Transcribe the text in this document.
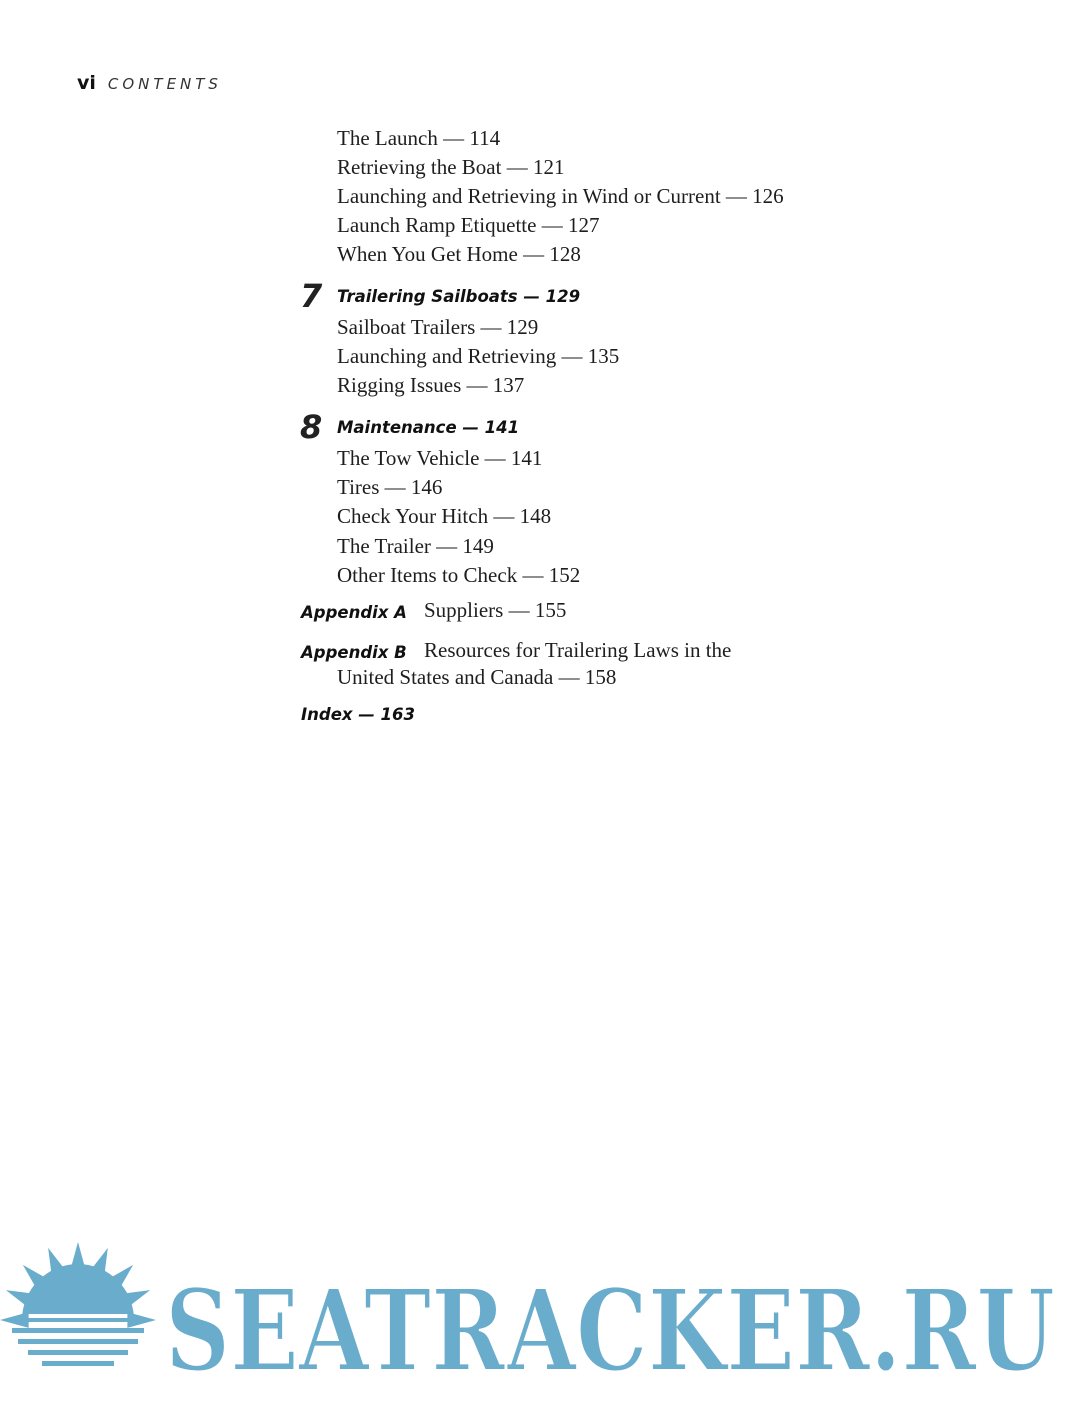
vi CONTENTS
The Launch — 114
Retrieving the Boat — 121
Launching and Retrieving in Wind or Current — 126
Launch Ramp Etiquette — 127
When You Get Home — 128
7 Trailering Sailboats — 129
Sailboat Trailers — 129
Launching and Retrieving — 135
Rigging Issues — 137
8 Maintenance — 141
The Tow Vehicle — 141
Tires — 146
Check Your Hitch — 148
The Trailer — 149
Other Items to Check — 152
Appendix A Suppliers — 155
Appendix B Resources for Trailering Laws in the
United States and Canada — 158
Index — 163
SEATRACKER.RU
